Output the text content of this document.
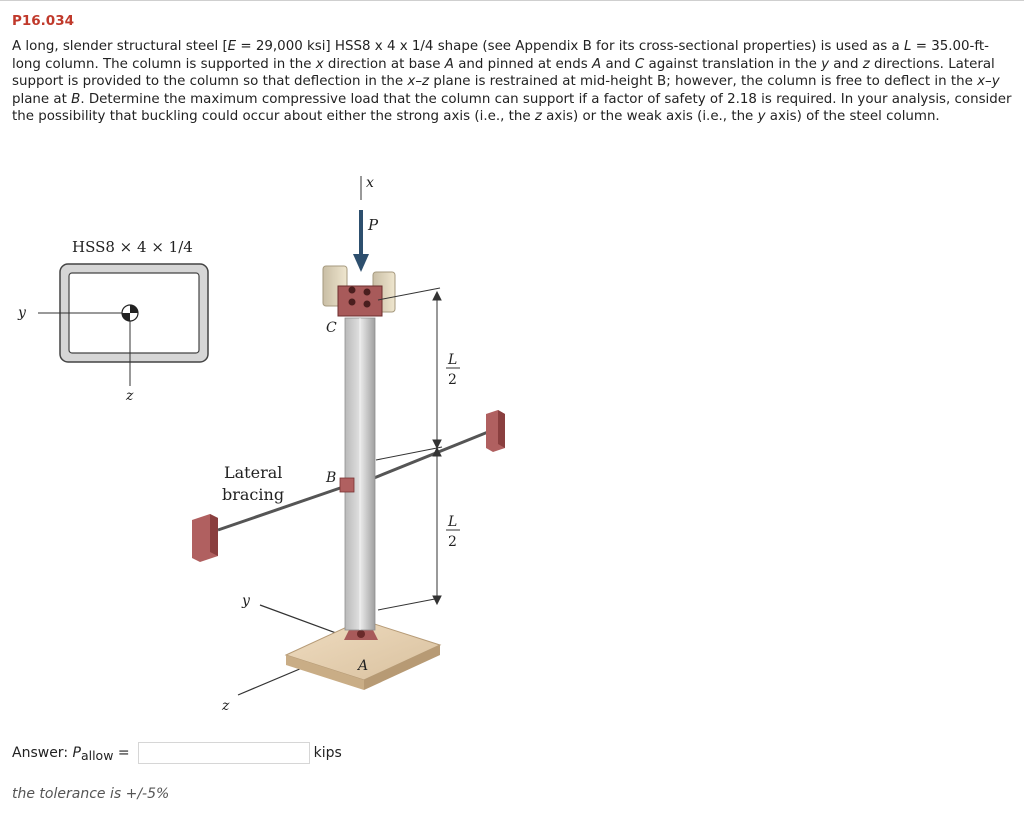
P16.034
A long, slender structural steel [E = 29,000 ksi] HSS8 x 4 x 1/4 shape (see Appendix B for its cross-sectional properties) is used as a L = 35.00-ft-long column. The column is supported in the x direction at base A and pinned at ends A and C against translation in the y and z directions. Lateral support is provided to the column so that deflection in the x–z plane is restrained at mid-height B; however, the column is free to deflect in the x–y plane at B. Determine the maximum compressive load that the column can support if a factor of safety of 2.18 is required. In your analysis, consider the possibility that buckling could occur about either the strong axis (i.e., the z axis) or the weak axis (i.e., the y axis) of the steel column.
HSS8 × 4 × 1/4
y
z
y
z
A
B
C
x
P
L
2
L
2
Lateral
bracing
Answer: Pallow =	kips
the tolerance is +/-5%
